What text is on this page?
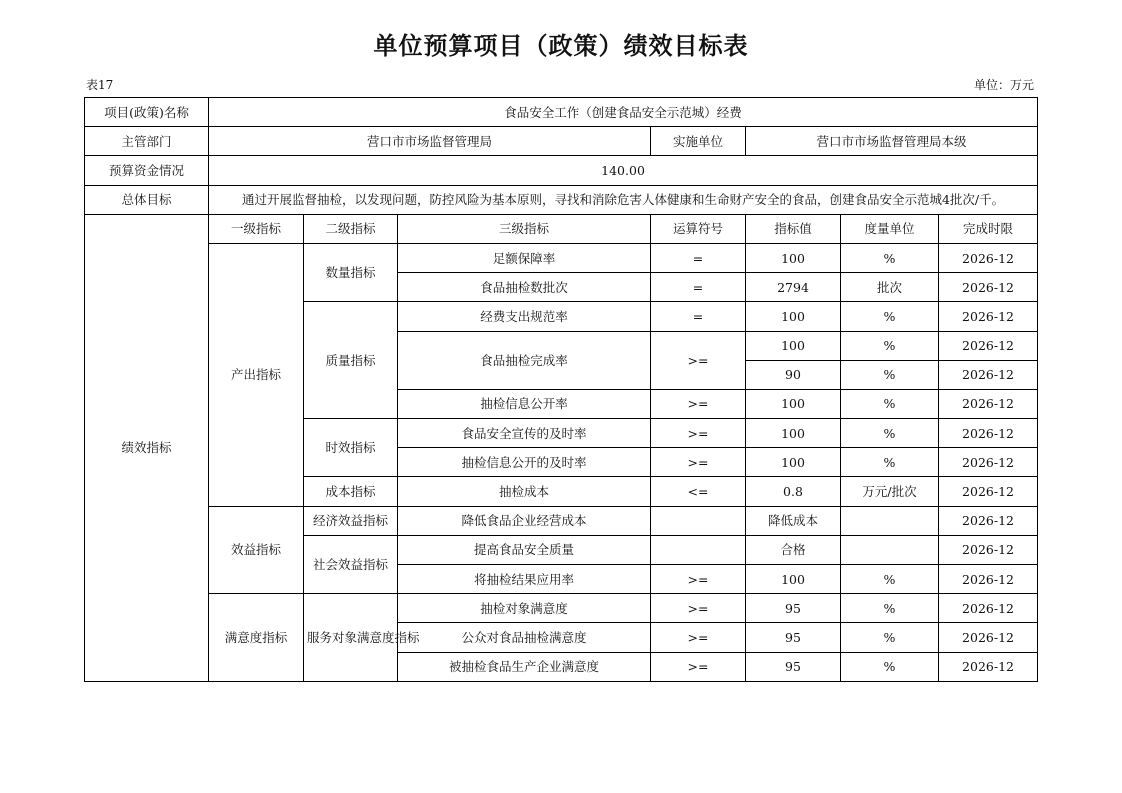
单位预算项目（政策）绩效目标表
表17	单位：万元
项目(政策)名称	食品安全工作（创建食品安全示范城）经费						
主管部门	营口市市场监督管理局			实施单位	营口市市场监督管理局本级		
预算资金情况	140.00						
总体目标	通过开展监督抽检，以发现问题，防控风险为基本原则，寻找和消除危害人体健康和生命财产安全的食品，创建食品安全示范城4批次/千。						
绩效指标	一级指标	二级指标	三级指标	运算符号	指标值	度量单位	完成时限
	产出指标	数量指标	足额保障率	=	100	%	2026-12
			食品抽检数批次	=	2794	批次	2026-12
		质量指标	经费支出规范率	=	100	%	2026-12
			食品抽检完成率	>=	100	%	2026-12
					90	%	2026-12
			抽检信息公开率	>=	100	%	2026-12
		时效指标	食品安全宣传的及时率	>=	100	%	2026-12
			抽检信息公开的及时率	>=	100	%	2026-12
		成本指标	抽检成本	<=	0.8	万元/批次	2026-12
	效益指标	经济效益指标	降低食品企业经营成本		降低成本		2026-12
		社会效益指标	提高食品安全质量		合格		2026-12
			将抽检结果应用率	>=	100	%	2026-12
	满意度指标	服务对象满意度指标	抽检对象满意度	>=	95	%	2026-12
			公众对食品抽检满意度	>=	95	%	2026-12
			被抽检食品生产企业满意度	>=	95	%	2026-12
